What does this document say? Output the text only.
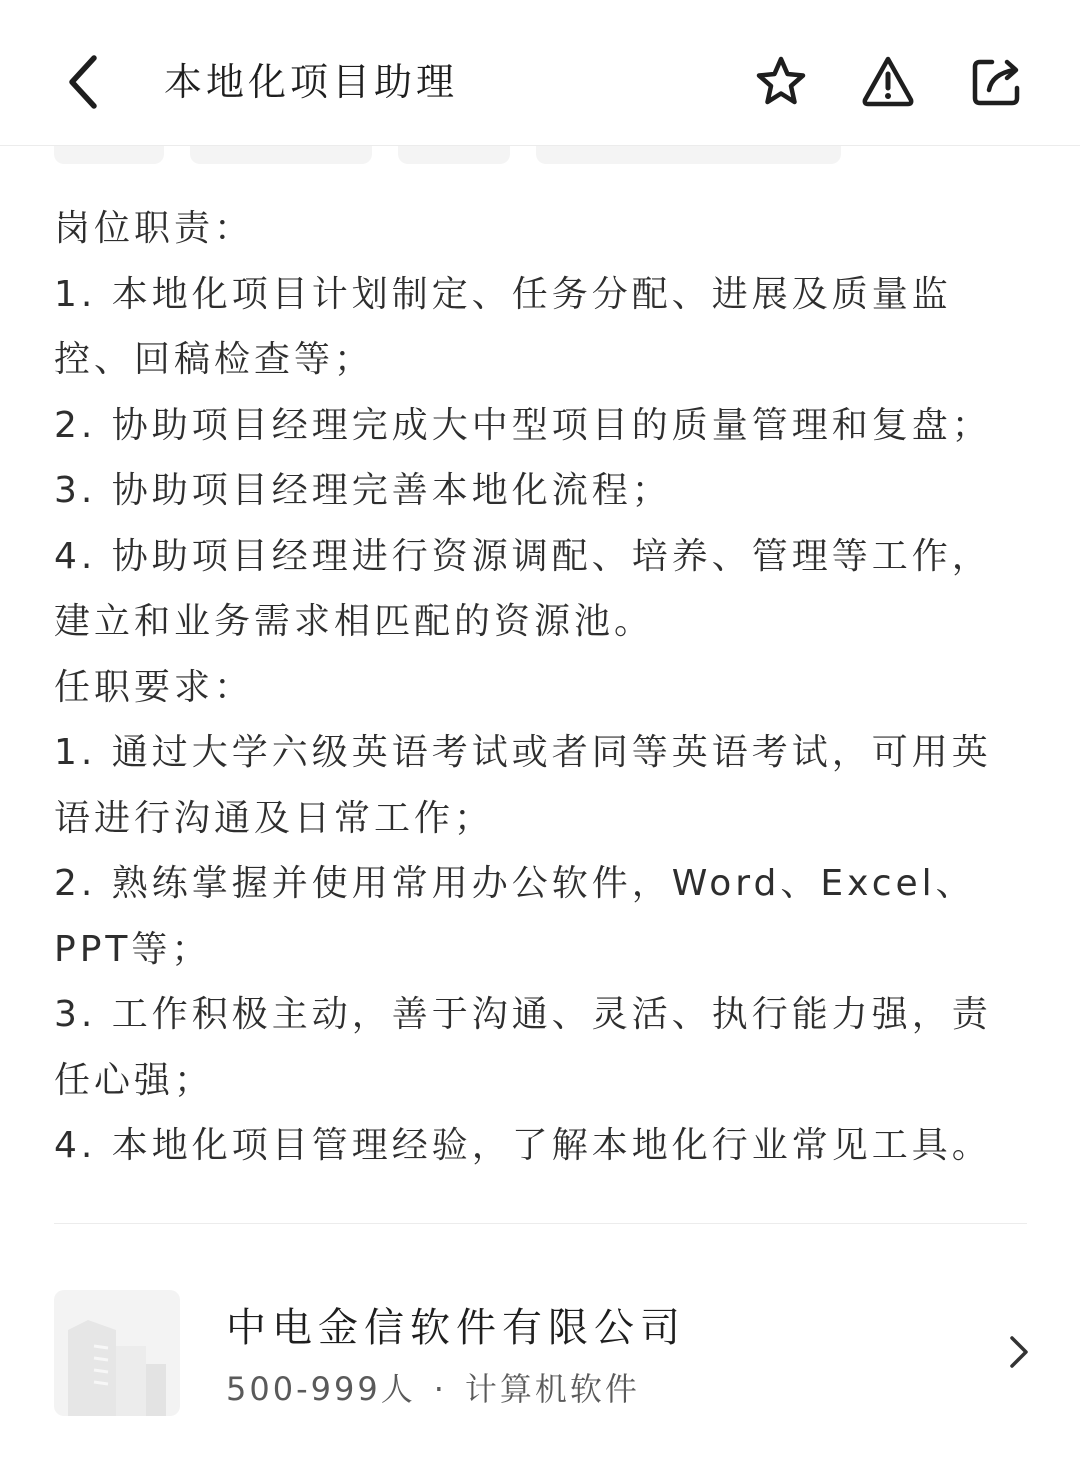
本地化项目助理

岗位职责：

1. 本地化项目计划制定、任务分配、进展及质量监控、回稿检查等；

2. 协助项目经理完成大中型项目的质量管理和复盘；

3. 协助项目经理完善本地化流程；

4. 协助项目经理进行资源调配、培养、管理等工作，建立和业务需求相匹配的资源池。

任职要求：

1. 通过大学六级英语考试或者同等英语考试，可用英语进行沟通及日常工作；

2. 熟练掌握并使用常用办公软件，Word、Excel、PPT等；

3. 工作积极主动，善于沟通、灵活、执行能力强，责任心强；

4. 本地化项目管理经验，了解本地化行业常见工具。

中电金信软件有限公司
500-999人 · 计算机软件
